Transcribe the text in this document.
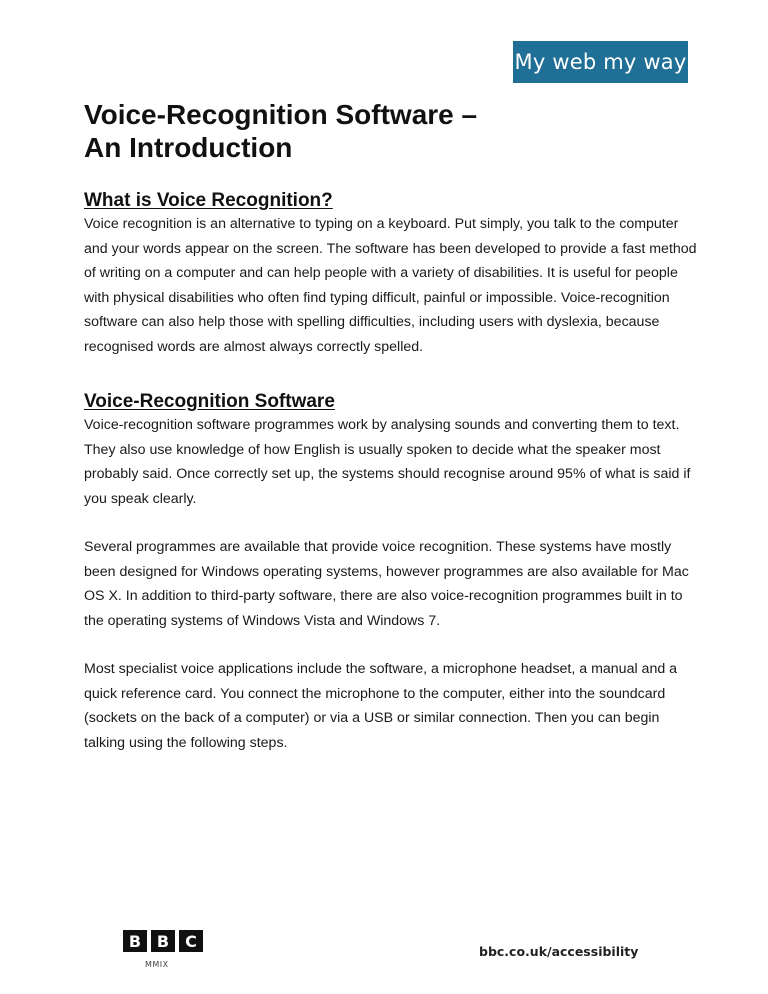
My web my way
Voice-Recognition Software –
An Introduction
What is Voice Recognition?

Voice recognition is an alternative to typing on a keyboard. Put simply, you talk to the computer and your words appear on the screen. The software has been developed to provide a fast method of writing on a computer and can help people with a variety of disabilities. It is useful for people with physical disabilities who often find typing difficult, painful or impossible. Voice-recognition software can also help those with spelling difficulties, including users with dyslexia, because recognised words are almost always correctly spelled.

Voice-Recognition Software

Voice-recognition software programmes work by analysing sounds and converting them to text. They also use knowledge of how English is usually spoken to decide what the speaker most probably said. Once correctly set up, the systems should recognise around 95% of what is said if you speak clearly.

Several programmes are available that provide voice recognition. These systems have mostly been designed for Windows operating systems, however programmes are also available for Mac OS X. In addition to third-party software, there are also voice-recognition programmes built in to the operating systems of Windows Vista and Windows 7.

Most specialist voice applications include the software, a microphone headset, a manual and a quick reference card. You connect the microphone to the computer, either into the soundcard (sockets on the back of a computer) or via a USB or similar connection. Then you can begin talking using the following steps.

B B	C
MMIX
bbc.co.uk/accessibility
